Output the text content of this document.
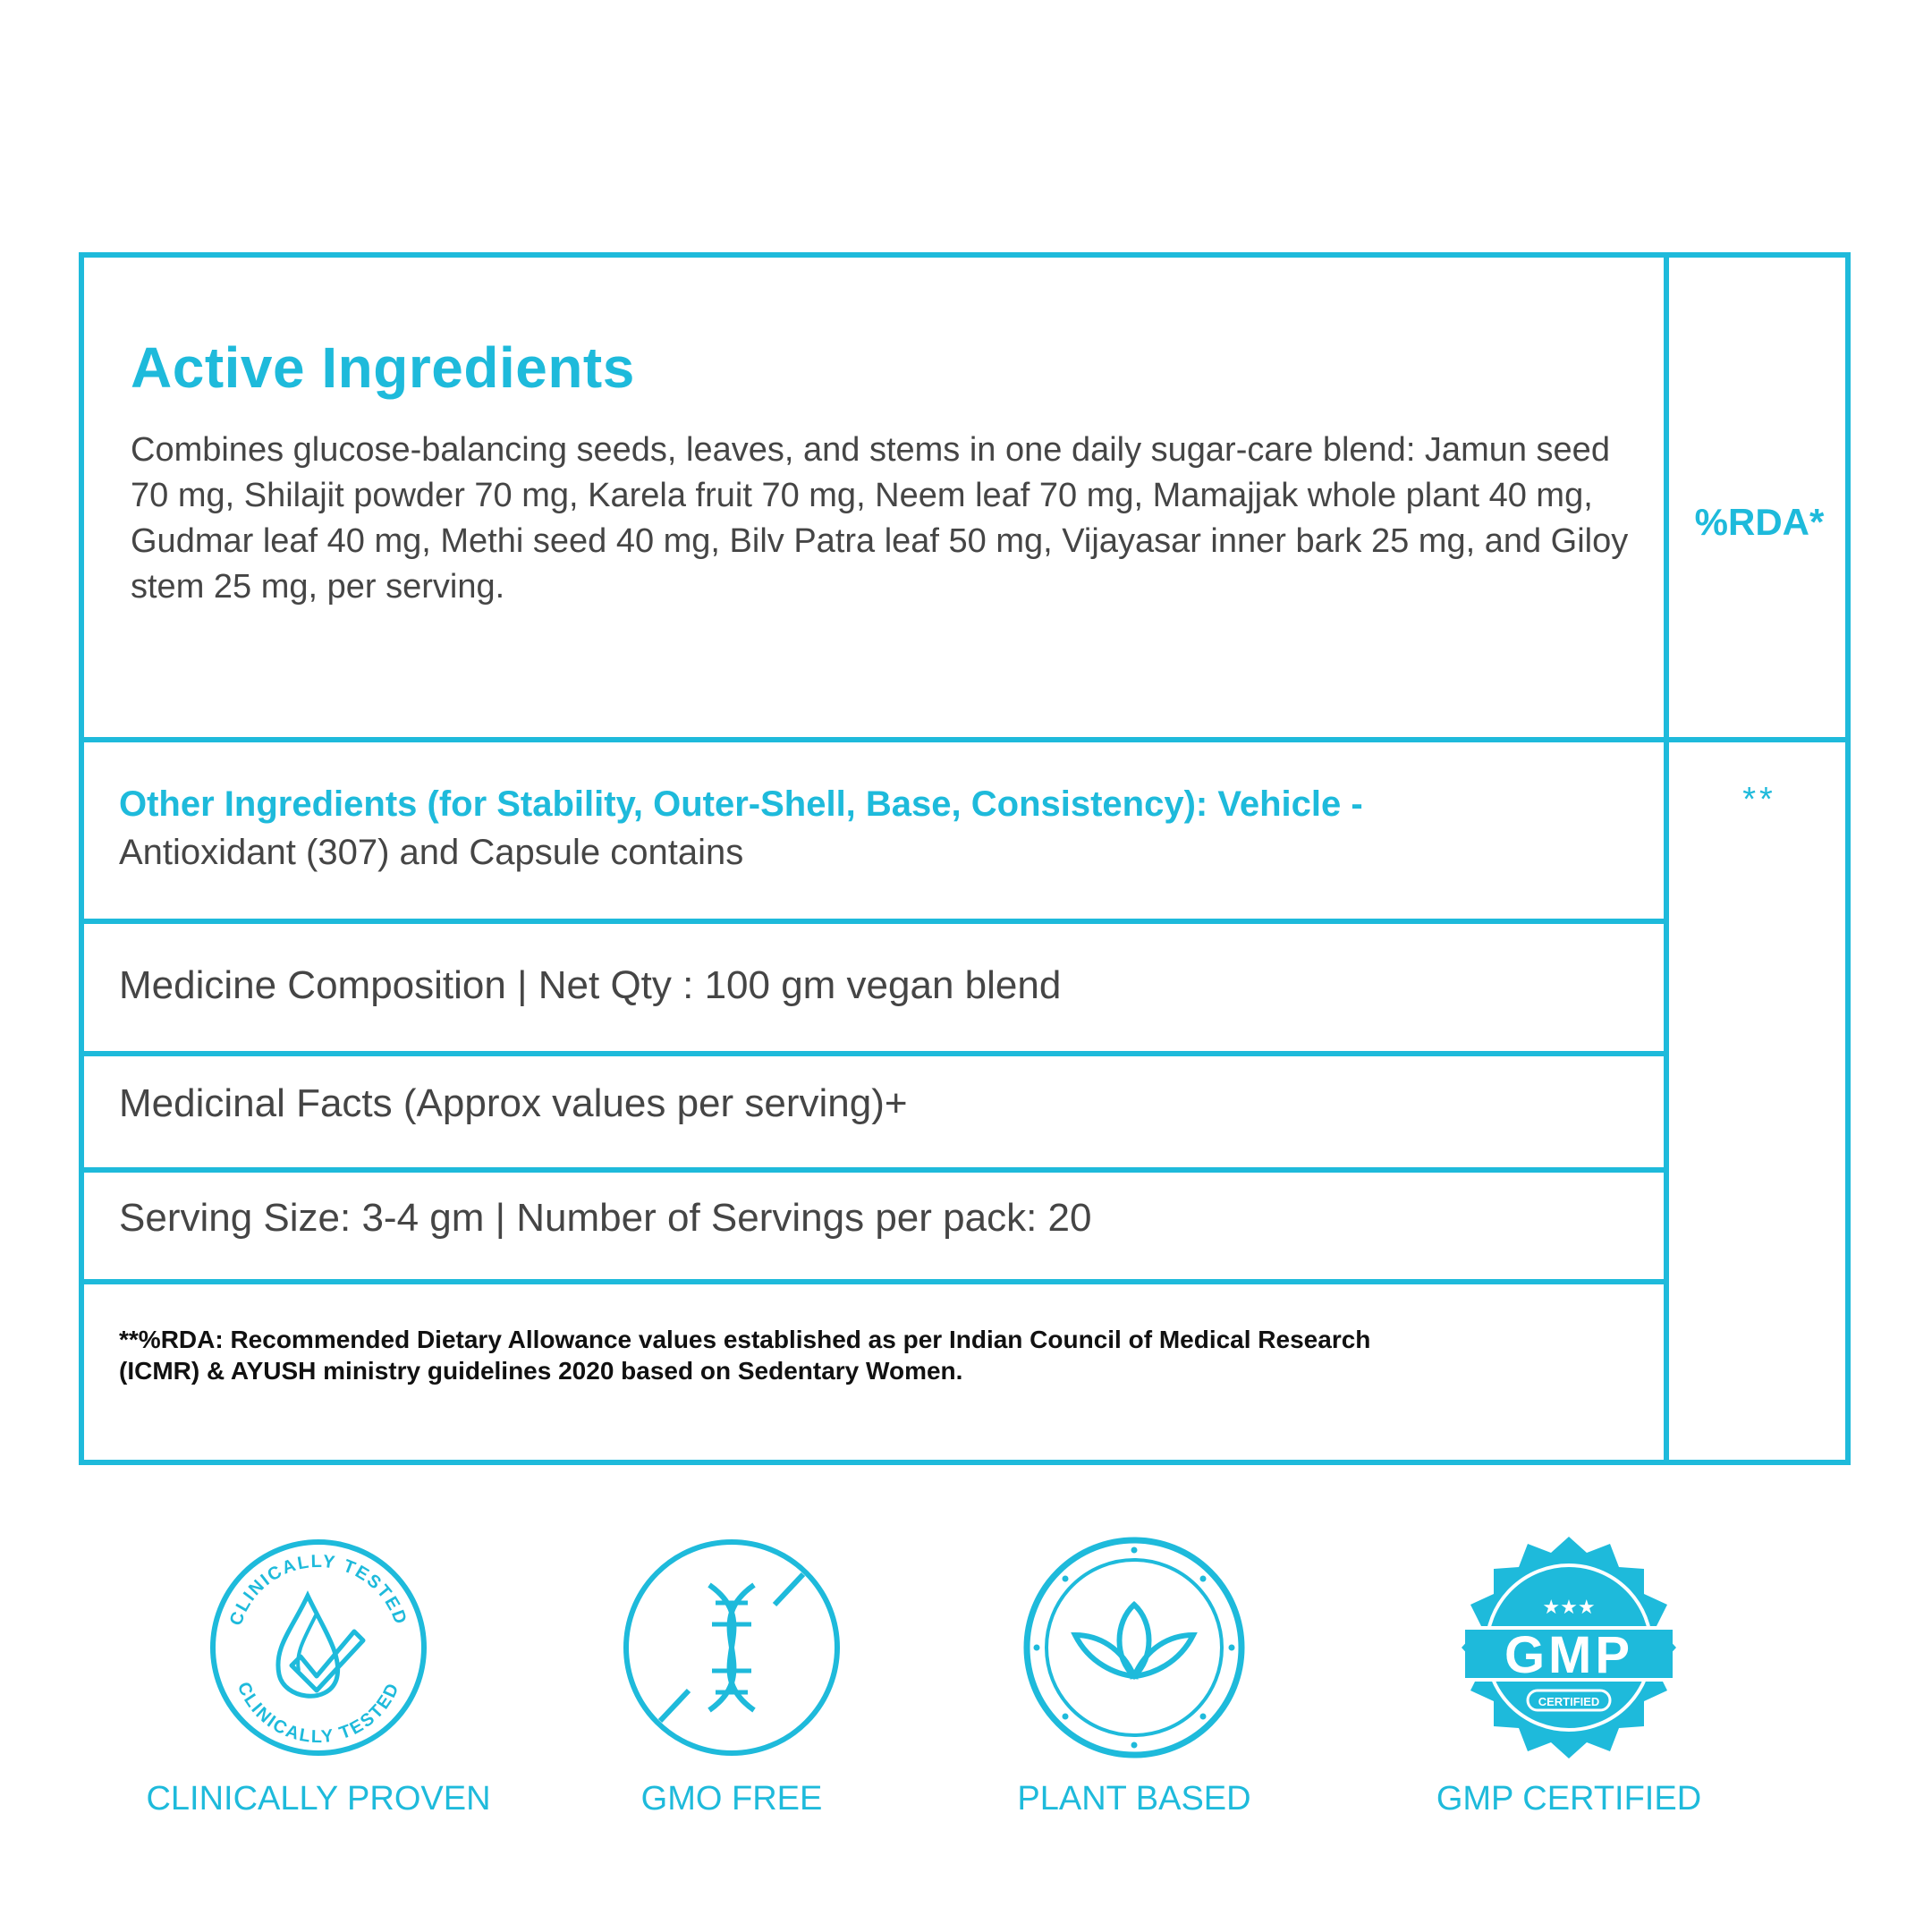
Active Ingredients
Combines glucose-balancing seeds, leaves, and stems in one daily sugar-care blend: Jamun seed 70 mg, Shilajit powder 70 mg, Karela fruit 70 mg, Neem leaf 70 mg, Mamajjak whole plant 40 mg, Gudmar leaf 40 mg, Methi seed 40 mg, Bilv Patra leaf 50 mg, Vijayasar inner bark 25 mg, and Giloy stem 25 mg, per serving.
%RDA*
Other Ingredients (for Stability, Outer-Shell, Base, Consistency): Vehicle -
Antioxidant (307) and Capsule contains
**
Medicine Composition | Net Qty : 100 gm vegan blend
Medicinal Facts (Approx values per serving)+
Serving Size: 3-4 gm | Number of Servings per pack: 20
**%RDA: Recommended Dietary Allowance values established as per Indian Council of Medical Research (ICMR) & AYUSH ministry guidelines 2020 based on Sedentary Women.
CLINICALLY TESTED
CLINICALLY TESTED
CLINICALLY PROVEN	GMO FREE	PLANT BASED
★★★
GMP
CERTIFIED
GMP CERTIFIED
